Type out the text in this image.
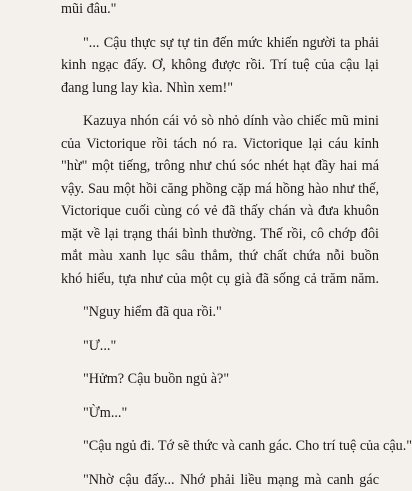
mũi đâu."
"... Cậu thực sự tự tin đến mức khiến người ta phải
kinh ngạc đấy. Ơ, không được rồi. Trí tuệ của cậu lại
đang lung lay kìa. Nhìn xem!"
Kazuya nhón cái vỏ sò nhỏ dính vào chiếc mũ mini
của Victorique rồi tách nó ra. Victorique lại cáu kỉnh
"hừ" một tiếng, trông như chú sóc nhét hạt đầy hai má
vậy. Sau một hồi căng phồng cặp má hồng hào như thế,
Victorique cuối cùng có vẻ đã thấy chán và đưa khuôn
mặt về lại trạng thái bình thường. Thế rồi, cô chớp đôi
mắt màu xanh lục sâu thẳm, thứ chất chứa nỗi buồn
khó hiểu, tựa như của một cụ già đã sống cả trăm năm.
"Nguy hiểm đã qua rồi."
"Ư..."
"Hửm? Cậu buồn ngủ à?"
"Ừm..."
"Cậu ngủ đi. Tớ sẽ thức và canh gác. Cho trí tuệ của cậu."
"Nhờ cậu đấy... Nhớ phải liều mạng mà canh gác
